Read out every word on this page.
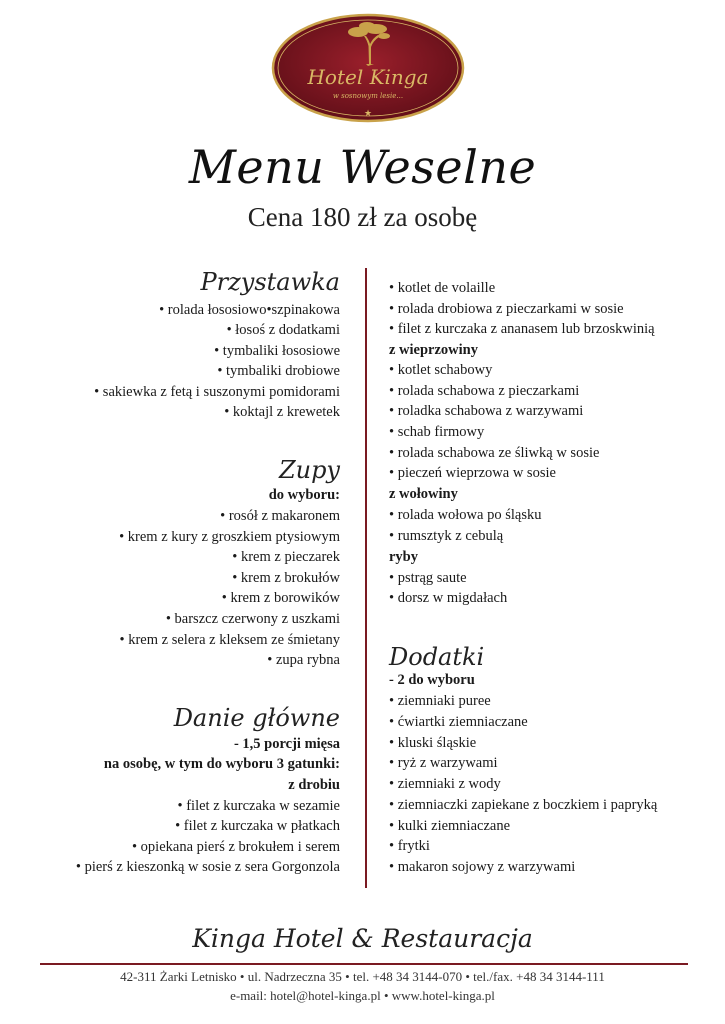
Hotel Kinga
w sosnowym lesie...
★
Menu Weselne
Cena 180 zł za osobę
Przystawka
• rolada łososiowo•szpinakowa
• łosoś z dodatkami
• tymbaliki łososiowe
• tymbaliki drobiowe
• sakiewka z fetą i suszonymi pomidorami
• koktajl z krewetek
Zupy
do wyboru:
• rosół z makaronem
• krem z kury z groszkiem ptysiowym
• krem z pieczarek
• krem z brokułów
• krem z borowików
• barszcz czerwony z uszkami
• krem z selera z kleksem ze śmietany
• zupa rybna
Danie główne
- 1,5 porcji mięsa
na osobę, w tym do wyboru 3 gatunki:
z drobiu
• filet z kurczaka w sezamie
• filet z kurczaka w płatkach
• opiekana pierś z brokułem i serem
• pierś z kieszonką w sosie z sera Gorgonzola
• kotlet de volaille
• rolada drobiowa z pieczarkami w sosie
• filet z kurczaka z ananasem lub brzoskwinią
z wieprzowiny
• kotlet schabowy
• rolada schabowa z pieczarkami
• roladka schabowa z warzywami
• schab firmowy
• rolada schabowa ze śliwką w sosie
• pieczeń wieprzowa w sosie
z wołowiny
• rolada wołowa po śląsku
• rumsztyk z cebulą
ryby
• pstrąg saute
• dorsz w migdałach
Dodatki
- 2 do wyboru
• ziemniaki puree
• ćwiartki ziemniaczane
• kluski śląskie
• ryż z warzywami
• ziemniaki z wody
• ziemniaczki zapiekane z boczkiem i papryką
• kulki ziemniaczane
• frytki
• makaron sojowy z warzywami
Kinga Hotel & Restauracja
42-311 Żarki Letnisko • ul. Nadrzeczna 35 • tel. +48 34 3144-070 • tel./fax. +48 34 3144-111
e-mail: hotel@hotel-kinga.pl • www.hotel-kinga.pl
